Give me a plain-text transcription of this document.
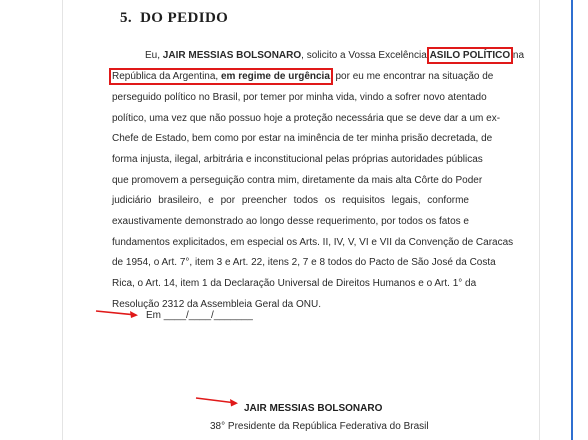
5. DO PEDIDO
Eu, JAIR MESSIAS BOLSONARO, solicito a Vossa Excelência ASILO POLÍTICO na
República da Argentina, em regime de urgência, por eu me encontrar na situação de
perseguido político no Brasil, por temer por minha vida, vindo a sofrer novo atentado
político, uma vez que não possuo hoje a proteção necessária que se deve dar a um ex-
Chefe de Estado, bem como por estar na iminência de ter minha prisão decretada, de
forma injusta, ilegal, arbitrária e inconstitucional pelas próprias autoridades públicas
que promovem a perseguição contra mim, diretamente da mais alta Côrte do Poder
judiciário brasileiro, e por preencher todos os requisitos legais, conforme
exaustivamente demonstrado ao longo desse requerimento, por todos os fatos e
fundamentos explicitados, em especial os Arts. II, IV, V, VI e VII da Convenção de Caracas
de 1954, o Art. 7°, item 3 e Art. 22, itens 2, 7 e 8 todos do Pacto de São José da Costa
Rica, o Art. 14, item 1 da Declaração Universal de Direitos Humanos e o Art. 1° da
Resolução 2312 da Assembleia Geral da ONU.
Em ____/____/_______
JAIR MESSIAS BOLSONARO
38° Presidente da República Federativa do Brasil
